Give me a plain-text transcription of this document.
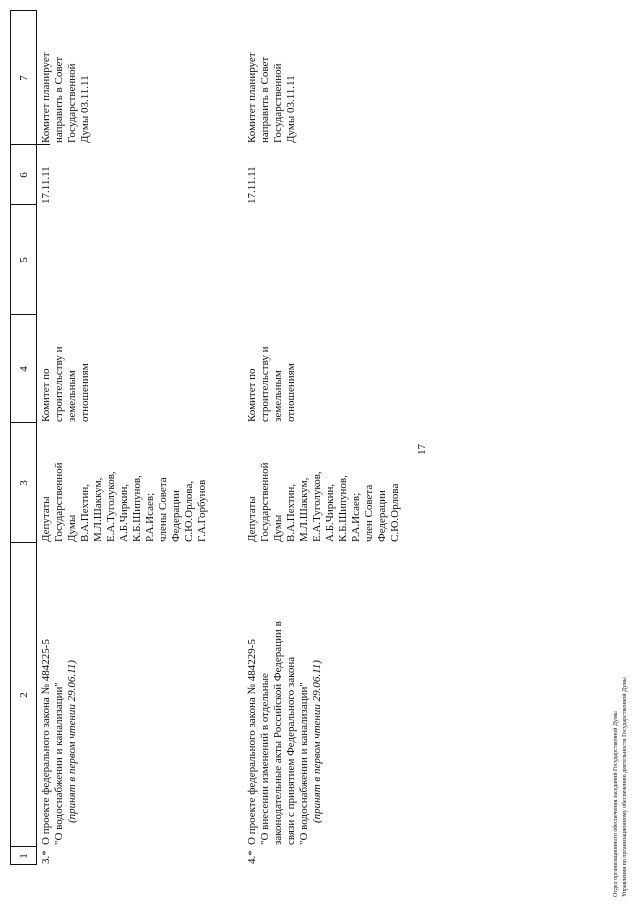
17
1
2
3
4
5
6
7
3.*
О проекте федерального закона № 484225-5 "О водоснабжении и канализации" (принят в первом чтении 29.06.11)
Депутаты Государственной Думы В.А.Пехтин, М.Л.Шаккум, Е.А.Туголуков, А.Б.Чиркин, К.Б.Шипунов, Р.А.Исаев; члены Совета Федерации С.Ю.Орлова, Г.А.Горбунов
Комитет по строительству и земельным отношениям
17.11.11
Комитет планирует направить в Совет Государственной Думы 03.11.11
4.*
О проекте федерального закона № 484229-5 "О внесении изменений в отдельные законодательные акты Российской Федерации в связи с принятием Федерального закона "О водоснабжении и канализации" (принят в первом чтении 29.06.11)
Депутаты Государственной Думы В.А.Пехтин, М.Л.Шаккум, Е.А.Туголуков, А.Б.Чиркин, К.Б.Шипунов, Р.А.Исаев; член Совета Федерации С.Ю.Орлова
Комитет по строительству и земельным отношениям
17.11.11
Комитет планирует направить в Совет Государственной Думы 03.11.11
Отдел организационного обеспечения заседаний Государственной Думы Управления по организационному обеспечению деятельности Государственной Думы
